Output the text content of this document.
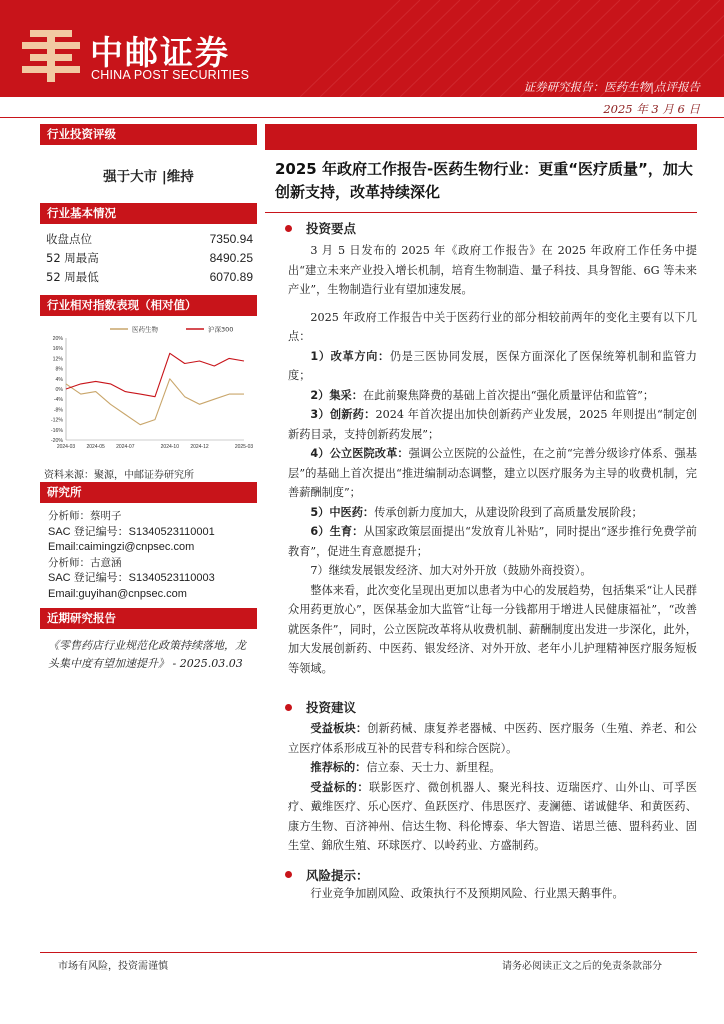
中邮证券
CHINA POST SECURITIES
证券研究报告：医药生物|点评报告
2025 年 3 月 6 日
行业投资评级
强于大市 |维持
行业基本情况
收盘点位	7350.94
52 周最高	8490.25
52 周最低	6070.89
行业相对指数表现（相对值）
20%
16%
12%
8%
4%
0%
-4%
-8%
-12%
-16%
-20%
2024-03 2024-05 2024-07	2024-10 2024-12	2025-03
医药生物	沪深300
资料来源：聚源，中邮证券研究所
研究所
分析师：蔡明子
SAC 登记编号：S1340523110001
Email:caimingzi@cnpsec.com
分析师：古意涵
SAC 登记编号：S1340523110003
Email:guyihan@cnpsec.com
近期研究报告
《零售药店行业规范化政策持续落地，龙头集中度有望加速提升》 - 2025.03.03
2025 年政府工作报告-医药生物行业：更重“医疗质量”，加大创新支持，改革持续深化
投资要点

3 月 5 日发布的 2025 年《政府工作报告》在 2025 年政府工作任务中提出“建立未来产业投入增长机制，培育生物制造、量子科技、具身智能、6G 等未来产业”，生物制造行业有望加速发展。

2025 年政府工作报告中关于医药行业的部分相较前两年的变化主要有以下几点：

1）改革方向：仍是三医协同发展，医保方面深化了医保统筹机制和监管力度；

2）集采：在此前聚焦降费的基础上首次提出“强化质量评估和监管”；

3）创新药：2024 年首次提出加快创新药产业发展，2025 年则提出“制定创新药目录，支持创新药发展”；

4）公立医院改革：强调公立医院的公益性，在之前“完善分级诊疗体系、强基层”的基础上首次提出“推进编制动态调整，建立以医疗服务为主导的收费机制，完善薪酬制度”；

5）中医药：传承创新力度加大，从建设阶段到了高质量发展阶段；

6）生育：从国家政策层面提出“发放育儿补贴”，同时提出“逐步推行免费学前教育”，促进生育意愿提升；

7）继续发展银发经济、加大对外开放（鼓励外商投资）。

整体来看，此次变化呈现出更加以患者为中心的发展趋势，包括集采“让人民群众用药更放心”，医保基金加大监管“让每一分钱都用于增进人民健康福祉”，“改善就医条件”，同时，公立医院改革将从收费机制、薪酬制度出发进一步深化，此外，加大发展创新药、中医药、银发经济、对外开放、老年小儿护理精神医疗服务短板等领域。

投资建议

受益板块：创新药械、康复养老器械、中医药、医疗服务（生殖、养老、和公立医疗体系形成互补的民营专科和综合医院）。

推荐标的：信立泰、天士力、新里程。

受益标的：联影医疗、微创机器人、聚光科技、迈瑞医疗、山外山、可孚医疗、戴维医疗、乐心医疗、鱼跃医疗、伟思医疗、麦澜德、诺诚健华、和黄医药、康方生物、百济神州、信达生物、科伦博泰、华大智造、诺思兰德、盟科药业、固生堂、錦欣生殖、环球医疗、以岭药业、方盛制药。

风险提示：

行业竞争加剧风险、政策执行不及预期风险、行业黑天鹅事件。

市场有风险，投资需谨慎	请务必阅读正文之后的免责条款部分
